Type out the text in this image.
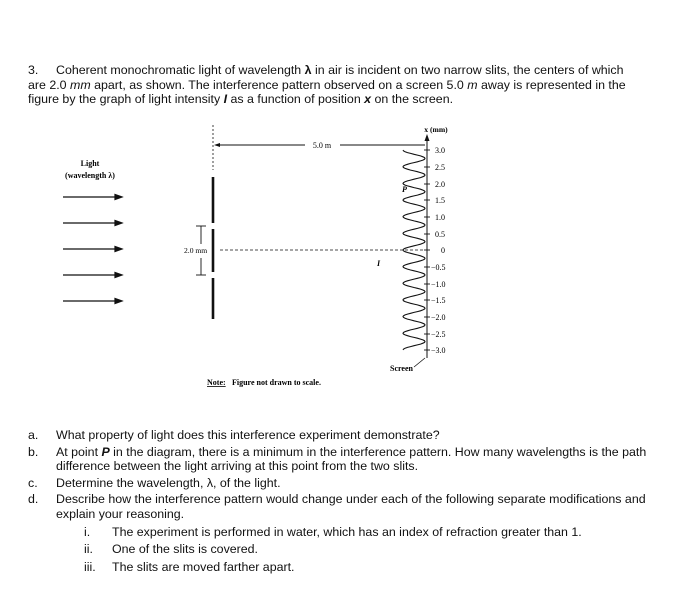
3. Coherent monochromatic light of wavelength λ in air is incident on two narrow slits, the centers of which are 2.0 mm apart, as shown. The interference pattern observed on a screen 5.0 m away is represented in the figure by the graph of light intensity I as a function of position x on the screen.
Light
(wavelength λ)
2.0 mm
5.0 m
x (mm)
3.0
2.5
2.0
1.5
1.0
0.5
0
−0.5
−1.0
−1.5
−2.0
−2.5
−3.0
P
I
Screen
Note: Figure not drawn to scale.
a.	What property of light does this interference experiment demonstrate?
b.	At point P in the diagram, there is a minimum in the interference pattern. How many wavelengths is the path difference between the light arriving at this point from the two slits.
c.	Determine the wavelength, λ, of the light.
d.	Describe how the interference pattern would change under each of the following separate modifications and explain your reasoning.
i.	The experiment is performed in water, which has an index of refraction greater than 1.
ii.	One of the slits is covered.
iii.	The slits are moved farther apart.
